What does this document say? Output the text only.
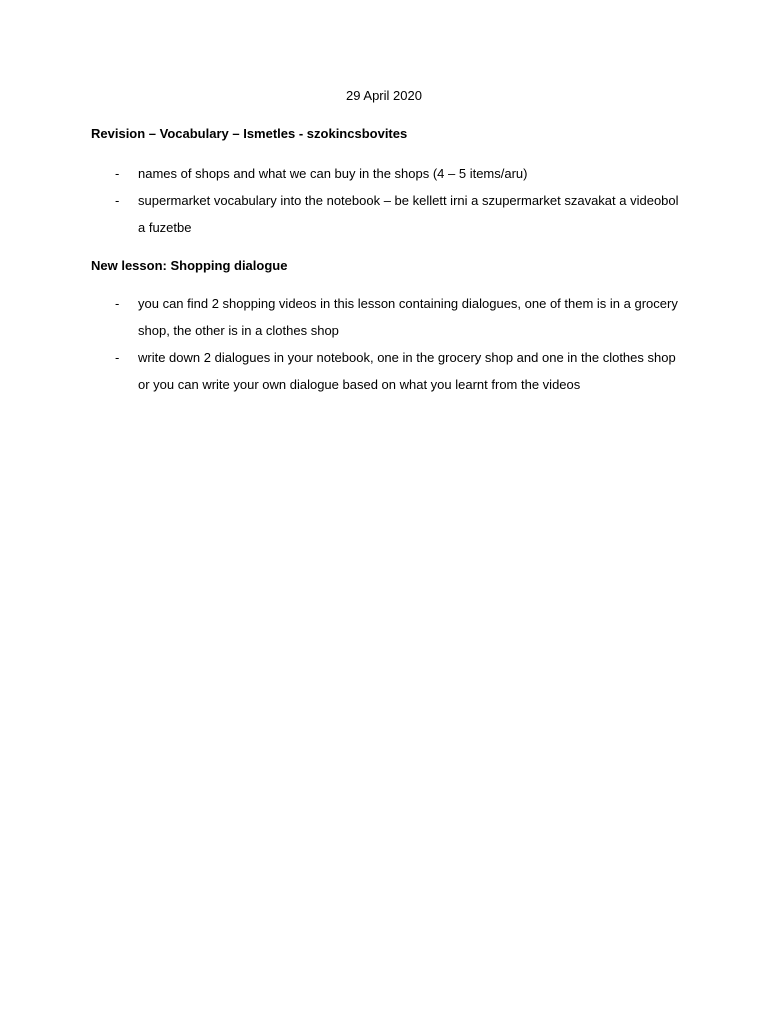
29 April 2020
Revision – Vocabulary – Ismetles - szokincsbovites
- names of shops and what we can buy in the shops (4 – 5 items/aru)
- supermarket vocabulary into the notebook – be kellett irni a szupermarket szavakat a videobol a fuzetbe
New lesson: Shopping dialogue
- you can find 2 shopping videos in this lesson containing dialogues, one of them is in a grocery shop, the other is in a clothes shop
- write down 2 dialogues in your notebook, one in the grocery shop and one in the clothes shop or you can write your own dialogue based on what you learnt from the videos
